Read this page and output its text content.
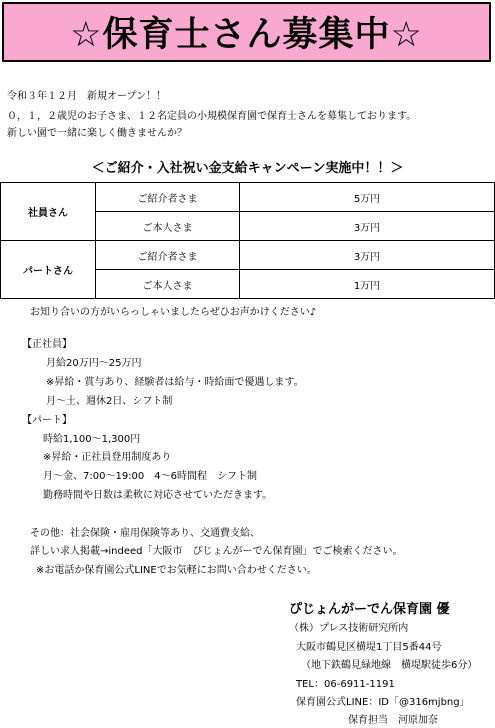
☆保育士さん募集中☆
令和３年１２月　新規オープン！！
０，１，２歳児のお子さま、１２名定員の小規模保育園で保育士さんを募集しております。
新しい園で一緒に楽しく働きませんか？
＜ご紹介・入社祝い金支給キャンペーン実施中！！＞
社員さん	ご紹介者さま	5万円
	ご本人さま	3万円
パートさん	ご紹介者さま	3万円
	ご本人さま	1万円
お知り合いの方がいらっしゃいましたらぜひお声かけください♪
【正社員】
月給20万円～25万円
※昇給・賞与あり、経験者は給与・時給面で優遇します。
月～土、週休2日、シフト制
【パート】
時給1,100～1,300円
※昇給・正社員登用制度あり
月～金、7:00～19:00　4～6時間程　シフト制
勤務時間や日数は柔軟に対応させていただきます。
その他：社会保険・雇用保険等あり、交通費支給、
詳しい求人掲載→indeed「大阪市　ぴじょんがーでん保育園」でご検索ください。
※お電話か保育園公式LINEでお気軽にお問い合わせください。
ぴじょんがーでん保育園 優
（株）プレス技術研究所内
大阪市鶴見区横堤1丁目5番44号
（地下鉄鶴見緑地線　横堤駅徒歩6分）
TEL：06-6911-1191
保育園公式LINE：ID「@316mjbng」
保育担当　河原加奈
